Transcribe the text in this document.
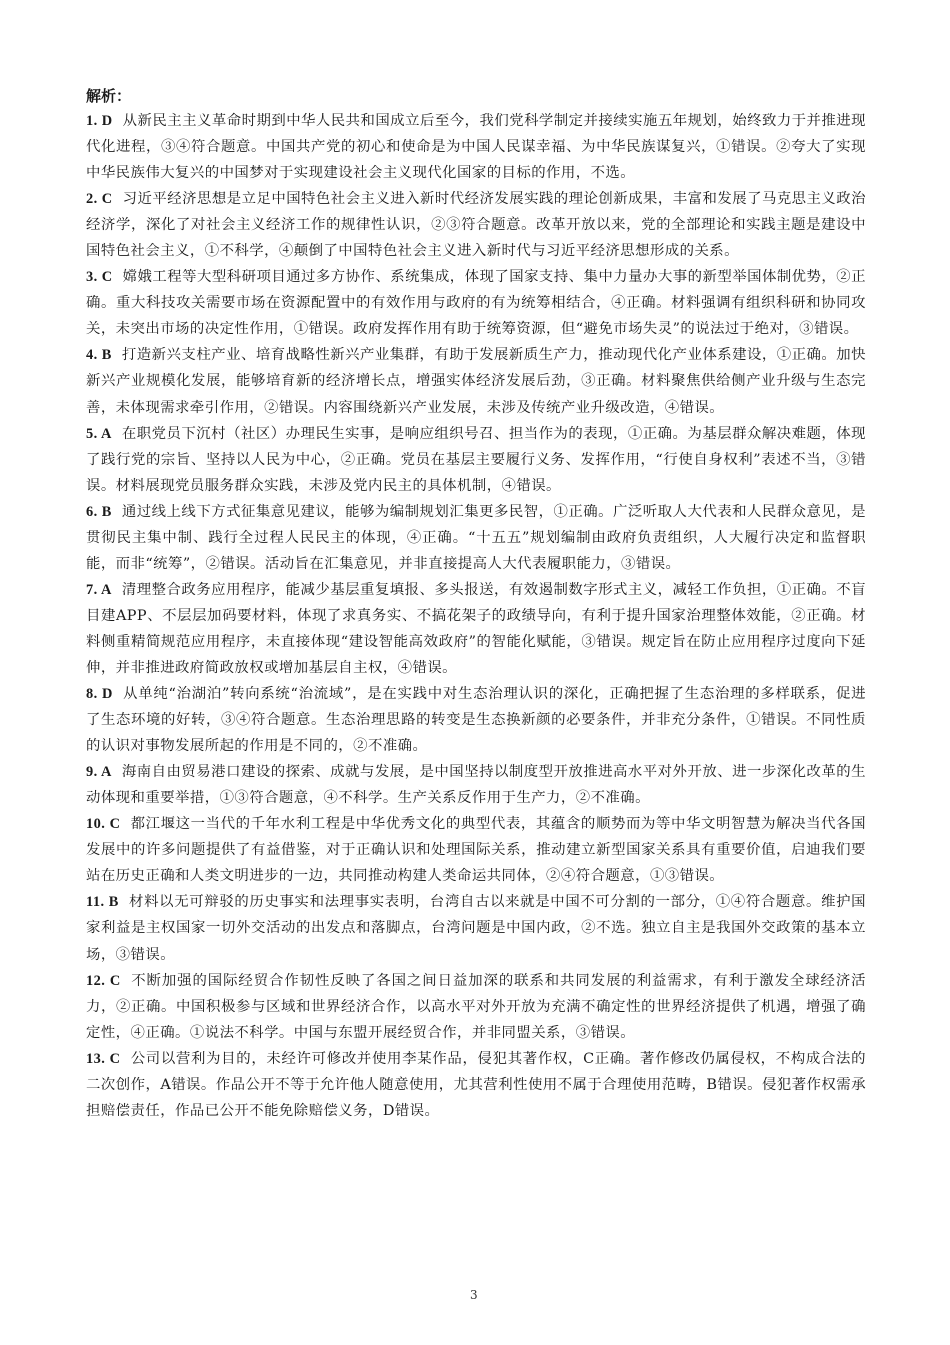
解析：

1. D 从新民主主义革命时期到中华人民共和国成立后至今，我们党科学制定并接续实施五年规划，始终致力于并推进现代化进程，③④符合题意。中国共产党的初心和使命是为中国人民谋幸福、为中华民族谋复兴，①错误。②夸大了实现中华民族伟大复兴的中国梦对于实现建设社会主义现代化国家的目标的作用，不选。

2. C 习近平经济思想是立足中国特色社会主义进入新时代经济发展实践的理论创新成果，丰富和发展了马克思主义政治经济学，深化了对社会主义经济工作的规律性认识，②③符合题意。改革开放以来，党的全部理论和实践主题是建设中国特色社会主义，①不科学，④颠倒了中国特色社会主义进入新时代与习近平经济思想形成的关系。

3. C 嫦娥工程等大型科研项目通过多方协作、系统集成，体现了国家支持、集中力量办大事的新型举国体制优势，②正确。重大科技攻关需要市场在资源配置中的有效作用与政府的有为统筹相结合，④正确。材料强调有组织科研和协同攻关，未突出市场的决定性作用，①错误。政府发挥作用有助于统筹资源，但“避免市场失灵”的说法过于绝对，③错误。

4. B 打造新兴支柱产业、培育战略性新兴产业集群，有助于发展新质生产力，推动现代化产业体系建设，①正确。加快新兴产业规模化发展，能够培育新的经济增长点，增强实体经济发展后劲，③正确。材料聚焦供给侧产业升级与生态完善，未体现需求牵引作用，②错误。内容围绕新兴产业发展，未涉及传统产业升级改造，④错误。

5. A 在职党员下沉村（社区）办理民生实事，是响应组织号召、担当作为的表现，①正确。为基层群众解决难题，体现了践行党的宗旨、坚持以人民为中心，②正确。党员在基层主要履行义务、发挥作用，“行使自身权利”表述不当，③错误。材料展现党员服务群众实践，未涉及党内民主的具体机制，④错误。

6. B 通过线上线下方式征集意见建议，能够为编制规划汇集更多民智，①正确。广泛听取人大代表和人民群众意见，是贯彻民主集中制、践行全过程人民民主的体现，④正确。“十五五”规划编制由政府负责组织，人大履行决定和监督职能，而非“统筹”，②错误。活动旨在汇集意见，并非直接提高人大代表履职能力，③错误。

7. A 清理整合政务应用程序，能减少基层重复填报、多头报送，有效遏制数字形式主义，减轻工作负担，①正确。不盲目建APP、不层层加码要材料，体现了求真务实、不搞花架子的政绩导向，有利于提升国家治理整体效能，②正确。材料侧重精简规范应用程序，未直接体现“建设智能高效政府”的智能化赋能，③错误。规定旨在防止应用程序过度向下延伸，并非推进政府简政放权或增加基层自主权，④错误。

8. D 从单纯“治湖泊”转向系统“治流域”，是在实践中对生态治理认识的深化，正确把握了生态治理的多样联系，促进了生态环境的好转，③④符合题意。生态治理思路的转变是生态换新颜的必要条件，并非充分条件，①错误。不同性质的认识对事物发展所起的作用是不同的，②不准确。

9. A 海南自由贸易港口建设的探索、成就与发展，是中国坚持以制度型开放推进高水平对外开放、进一步深化改革的生动体现和重要举措，①③符合题意，④不科学。生产关系反作用于生产力，②不准确。

10. C 都江堰这一当代的千年水利工程是中华优秀文化的典型代表，其蕴含的顺势而为等中华文明智慧为解决当代各国发展中的许多问题提供了有益借鉴，对于正确认识和处理国际关系，推动建立新型国家关系具有重要价值，启迪我们要站在历史正确和人类文明进步的一边，共同推动构建人类命运共同体，②④符合题意，①③错误。

11. B 材料以无可辩驳的历史事实和法理事实表明，台湾自古以来就是中国不可分割的一部分，①④符合题意。维护国家利益是主权国家一切外交活动的出发点和落脚点，台湾问题是中国内政，②不选。独立自主是我国外交政策的基本立场，③错误。

12. C 不断加强的国际经贸合作韧性反映了各国之间日益加深的联系和共同发展的利益需求，有利于激发全球经济活力，②正确。中国积极参与区域和世界经济合作，以高水平对外开放为充满不确定性的世界经济提供了机遇，增强了确定性，④正确。①说法不科学。中国与东盟开展经贸合作，并非同盟关系，③错误。

13. C 公司以营利为目的，未经许可修改并使用李某作品，侵犯其著作权，C正确。著作修改仍属侵权，不构成合法的二次创作，A错误。作品公开不等于允许他人随意使用，尤其营利性使用不属于合理使用范畴，B错误。侵犯著作权需承担赔偿责任，作品已公开不能免除赔偿义务，D错误。

3
